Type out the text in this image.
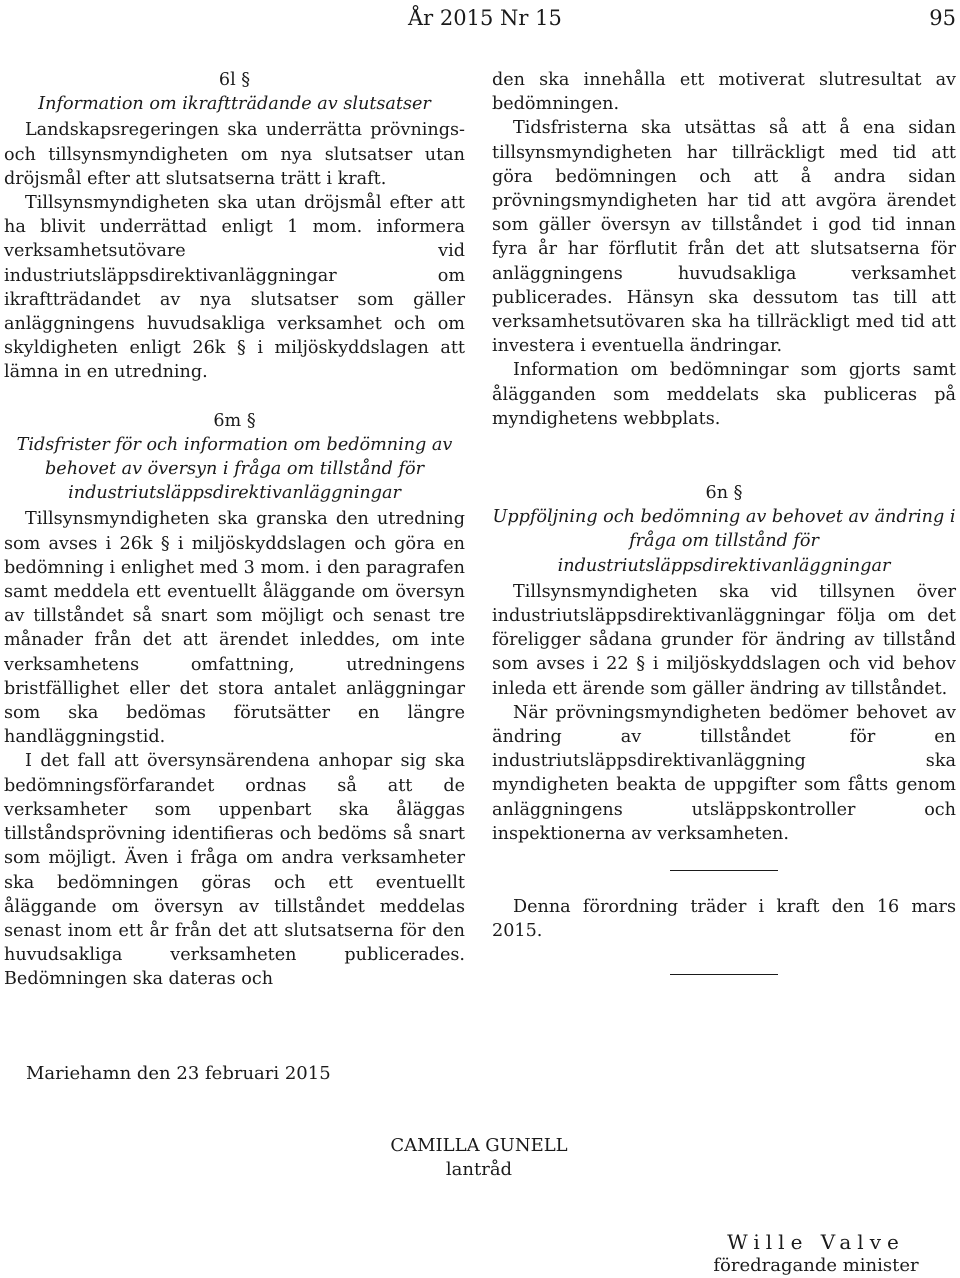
År 2015 Nr 15	95
6l §
Information om ikraftträdande av slutsatser

Landskapsregeringen ska underrätta prövnings- och tillsynsmyndigheten om nya slutsatser utan dröjsmål efter att slutsatserna trätt i kraft.

Tillsynsmyndigheten ska utan dröjsmål efter att ha blivit underrättad enligt 1 mom. informera verksamhetsutövare vid industriutsläppsdirektivanläggningar om ikraftträdandet av nya slutsatser som gäller anläggningens huvudsakliga verksamhet och om skyldigheten enligt 26k § i miljöskyddslagen att lämna in en utredning.

6m §
Tidsfrister för och information om bedömning av behovet av översyn i fråga om tillstånd för industriutsläppsdirektivanläggningar

Tillsynsmyndigheten ska granska den utredning som avses i 26k § i miljöskyddslagen och göra en bedömning i enlighet med 3 mom. i den paragrafen samt meddela ett eventuellt åläggande om översyn av tillståndet så snart som möjligt och senast tre månader från det att ärendet inleddes, om inte verksamhetens omfattning, utredningens bristfällighet eller det stora antalet anläggningar som ska bedömas förutsätter en längre handläggningstid.

I det fall att översynsärendena anhopar sig ska bedömningsförfarandet ordnas så att de verksamheter som uppenbart ska åläggas tillståndsprövning identifieras och bedöms så snart som möjligt. Även i fråga om andra verksamheter ska bedömningen göras och ett eventuellt åläggande om översyn av tillståndet meddelas senast inom ett år från det att slutsatserna för den huvudsakliga verksamheten publicerades. Bedömningen ska dateras och

den ska innehålla ett motiverat slutresultat av bedömningen.

Tidsfristerna ska utsättas så att å ena sidan tillsynsmyndigheten har tillräckligt med tid att göra bedömningen och att å andra sidan prövningsmyndigheten har tid att avgöra ärendet som gäller översyn av tillståndet i god tid innan fyra år har förflutit från det att slutsatserna för anläggningens huvudsakliga verksamhet publicerades. Hänsyn ska dessutom tas till att verksamhetsutövaren ska ha tillräckligt med tid att investera i eventuella ändringar.

Information om bedömningar som gjorts samt ålägganden som meddelats ska publiceras på myndighetens webbplats.

6n §
Uppföljning och bedömning av behovet av ändring i fråga om tillstånd för industriutsläppsdirektivanläggningar

Tillsynsmyndigheten ska vid tillsynen över industriutsläppsdirektivanläggningar följa om det föreligger sådana grunder för ändring av tillstånd som avses i 22 § i miljöskyddslagen och vid behov inleda ett ärende som gäller ändring av tillståndet.

När prövningsmyndigheten bedömer behovet av ändring av tillståndet för en industriutsläppsdirektivanläggning ska myndigheten beakta de uppgifter som fåtts genom anläggningens utsläppskontroller och inspektionerna av verksamheten.

Denna förordning träder i kraft den 16 mars 2015.

Mariehamn den 23 februari 2015
CAMILLA GUNELL
lantråd
Wille Valve
föredragande minister
